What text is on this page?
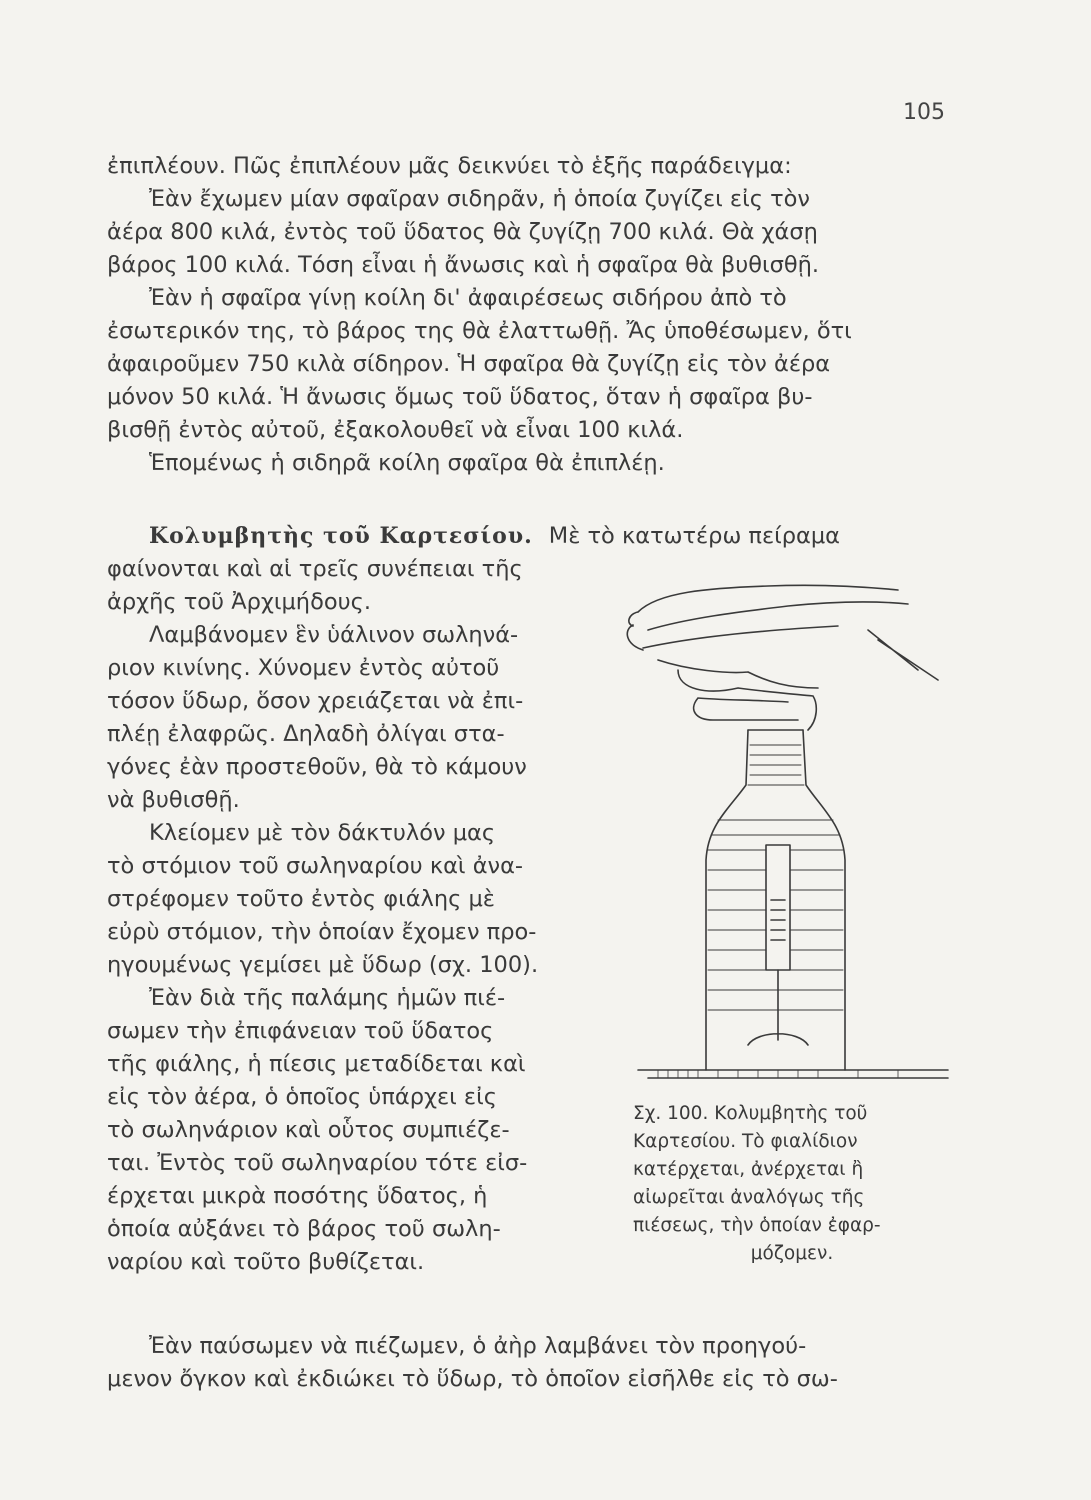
105
ἐπιπλέουν. Πῶς ἐπιπλέουν μᾶς δεικνύει τὸ ἑξῆς παράδειγμα:
Ἐὰν ἔχωμεν μίαν σφαῖραν σιδηρᾶν, ἡ ὁποία ζυγίζει εἰς τὸν
ἀέρα 800 κιλά, ἐντὸς τοῦ ὕδατος θὰ ζυγίζῃ 700 κιλά. Θὰ χάσῃ
βάρος 100 κιλά. Τόση εἶναι ἡ ἄνωσις καὶ ἡ σφαῖρα θὰ βυθισθῇ.
Ἐὰν ἡ σφαῖρα γίνῃ κοίλη δι' ἀφαιρέσεως σιδήρου ἀπὸ τὸ
ἐσωτερικόν της, τὸ βάρος της θὰ ἐλαττωθῇ. Ἄς ὑποθέσωμεν, ὅτι
ἀφαιροῦμεν 750 κιλὰ σίδηρον. Ἡ σφαῖρα θὰ ζυγίζῃ εἰς τὸν ἀέρα
μόνον 50 κιλά. Ἡ ἄνωσις ὅμως τοῦ ὕδατος, ὅταν ἡ σφαῖρα βυ-
βισθῇ ἐντὸς αὐτοῦ, ἐξακολουθεῖ νὰ εἶναι 100 κιλά.
Ἑπομένως ἡ σιδηρᾶ κοίλη σφαῖρα θὰ ἐπιπλέῃ.
Κολυμβητὴς τοῦ Καρτεσίου. Μὲ τὸ κατωτέρω πείραμα
φαίνονται καὶ αἱ τρεῖς συνέπειαι τῆς
ἀρχῆς τοῦ Ἀρχιμήδους.
Λαμβάνομεν ἓν ὑάλινον σωληνά-
ριον κινίνης. Χύνομεν ἐντὸς αὐτοῦ
τόσον ὕδωρ, ὅσον χρειάζεται νὰ ἐπι-
πλέῃ ἐλαφρῶς. Δηλαδὴ ὀλίγαι στα-
γόνες ἐὰν προστεθοῦν, θὰ τὸ κάμουν
νὰ βυθισθῇ.
Κλείομεν μὲ τὸν δάκτυλόν μας
τὸ στόμιον τοῦ σωληναρίου καὶ ἀνα-
στρέφομεν τοῦτο ἐντὸς φιάλης μὲ
εὐρὺ στόμιον, τὴν ὁποίαν ἔχομεν προ-
ηγουμένως γεμίσει μὲ ὕδωρ (σχ. 100).
Ἐὰν διὰ τῆς παλάμης ἡμῶν πιέ-
σωμεν τὴν ἐπιφάνειαν τοῦ ὕδατος
τῆς φιάλης, ἡ πίεσις μεταδίδεται καὶ
εἰς τὸν ἀέρα, ὁ ὁποῖος ὑπάρχει εἰς
τὸ σωληνάριον καὶ οὗτος συμπιέζε-
ται. Ἐντὸς τοῦ σωληναρίου τότε εἰσ-
έρχεται μικρὰ ποσότης ὕδατος, ἡ
ὁποία αὐξάνει τὸ βάρος τοῦ σωλη-
ναρίου καὶ τοῦτο βυθίζεται.
Σχ. 100. Κολυμβητὴς τοῦ
Καρτεσίου. Τὸ φιαλίδιον
κατέρχεται, ἀνέρχεται ἢ
αἰωρεῖται ἀναλόγως τῆς
πιέσεως, τὴν ὁποίαν ἐφαρ-
μόζομεν.
Ἐὰν παύσωμεν νὰ πιέζωμεν, ὁ ἀὴρ λαμβάνει τὸν προηγού-
μενον ὄγκον καὶ ἐκδιώκει τὸ ὕδωρ, τὸ ὁποῖον εἰσῆλθε εἰς τὸ σω-
